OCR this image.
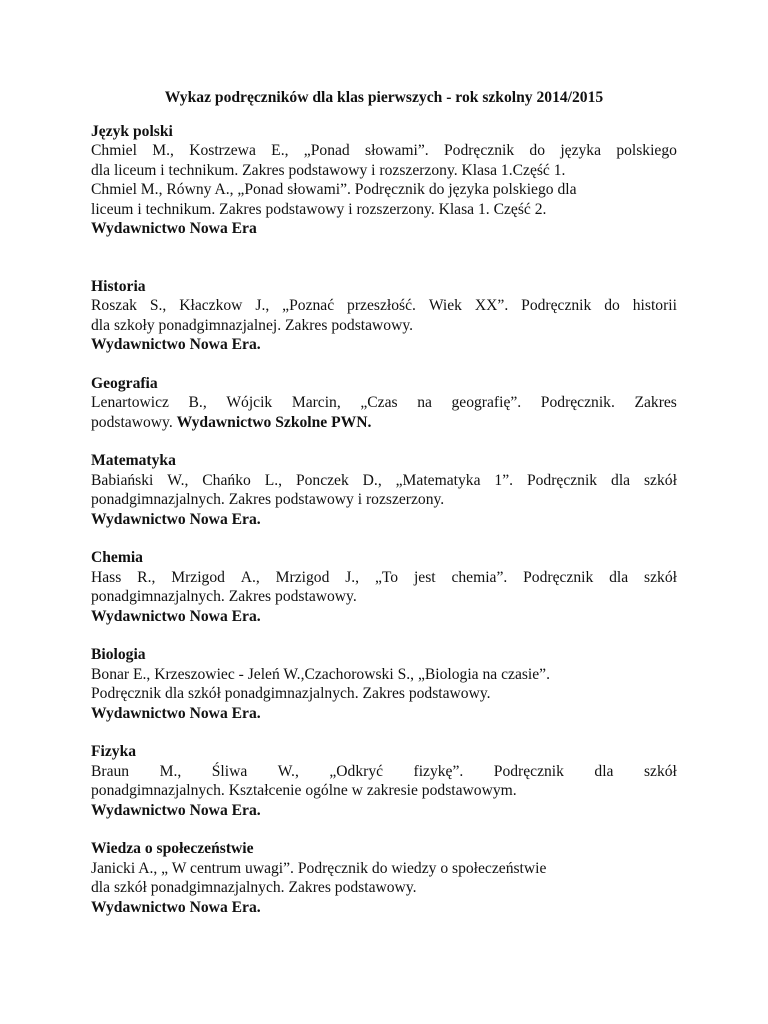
Wykaz podręczników dla klas pierwszych - rok szkolny 2014/2015

Język polski

Chmiel M., Kostrzewa E., „Ponad słowami”. Podręcznik do języka polskiego

dla liceum i technikum. Zakres podstawowy i rozszerzony. Klasa 1.Część 1.

Chmiel M., Równy A., „Ponad słowami”. Podręcznik do języka polskiego dla

liceum i technikum. Zakres podstawowy i rozszerzony. Klasa 1. Część 2.

Wydawnictwo Nowa Era

Historia

Roszak S., Kłaczkow J., „Poznać przeszłość. Wiek XX”. Podręcznik do historii

dla szkoły ponadgimnazjalnej. Zakres podstawowy.

Wydawnictwo Nowa Era.

Geografia

Lenartowicz B., Wójcik Marcin, „Czas na geografię”. Podręcznik. Zakres

podstawowy. Wydawnictwo Szkolne PWN.

Matematyka

Babiański W., Chańko L., Ponczek D., „Matematyka 1”. Podręcznik dla szkół

ponadgimnazjalnych. Zakres podstawowy i rozszerzony.

Wydawnictwo Nowa Era.

Chemia

Hass R., Mrzigod A., Mrzigod J., „To jest chemia”. Podręcznik dla szkół

ponadgimnazjalnych. Zakres podstawowy.

Wydawnictwo Nowa Era.

Biologia

Bonar E., Krzeszowiec - Jeleń W.,Czachorowski S., „Biologia na czasie”.

Podręcznik dla szkół ponadgimnazjalnych. Zakres podstawowy.

Wydawnictwo Nowa Era.

Fizyka

Braun M., Śliwa W., „Odkryć fizykę”. Podręcznik dla szkół

ponadgimnazjalnych. Kształcenie ogólne w zakresie podstawowym.

Wydawnictwo Nowa Era.

Wiedza o społeczeństwie

Janicki A., „ W centrum uwagi”. Podręcznik do wiedzy o społeczeństwie

dla szkół ponadgimnazjalnych. Zakres podstawowy.

Wydawnictwo Nowa Era.
